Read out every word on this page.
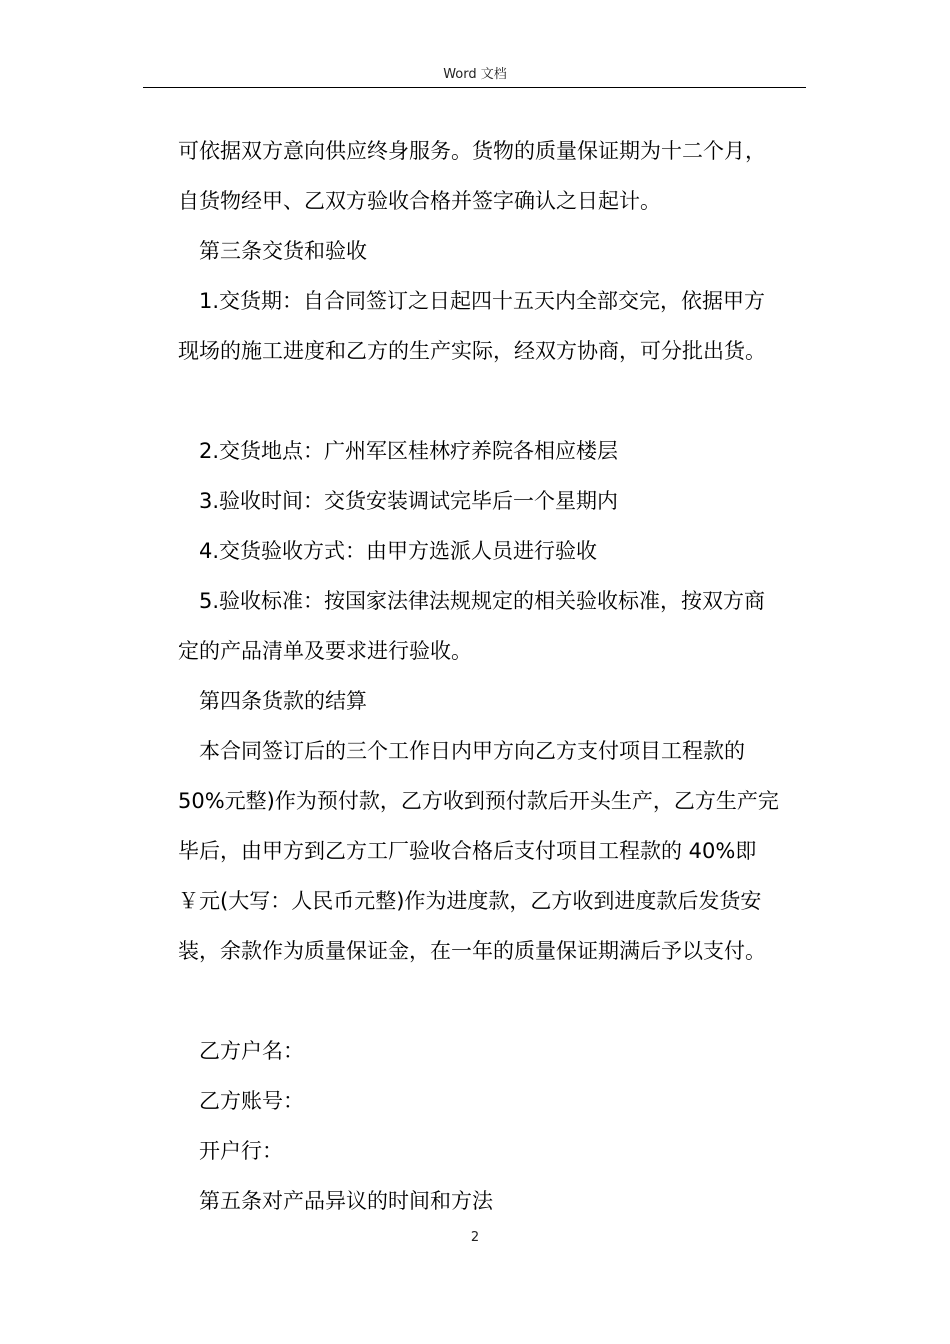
Word 文档
可依据双方意向供应终身服务。货物的质量保证期为十二个月，
自货物经甲、乙双方验收合格并签字确认之日起计。
第三条交货和验收
1.交货期：自合同签订之日起四十五天内全部交完，依据甲方
现场的施工进度和乙方的生产实际，经双方协商，可分批出货。
2.交货地点：广州军区桂林疗养院各相应楼层
3.验收时间：交货安装调试完毕后一个星期内
4.交货验收方式：由甲方选派人员进行验收
5.验收标准：按国家法律法规规定的相关验收标准，按双方商
定的产品清单及要求进行验收。
第四条货款的结算
本合同签订后的三个工作日内甲方向乙方支付项目工程款的
50%元整)作为预付款，乙方收到预付款后开头生产，乙方生产完
毕后，由甲方到乙方工厂验收合格后支付项目工程款的 40%即
￥元(大写：人民币元整)作为进度款，乙方收到进度款后发货安
装，余款作为质量保证金，在一年的质量保证期满后予以支付。
乙方户名：
乙方账号：
开户行：
第五条对产品异议的时间和方法
2
